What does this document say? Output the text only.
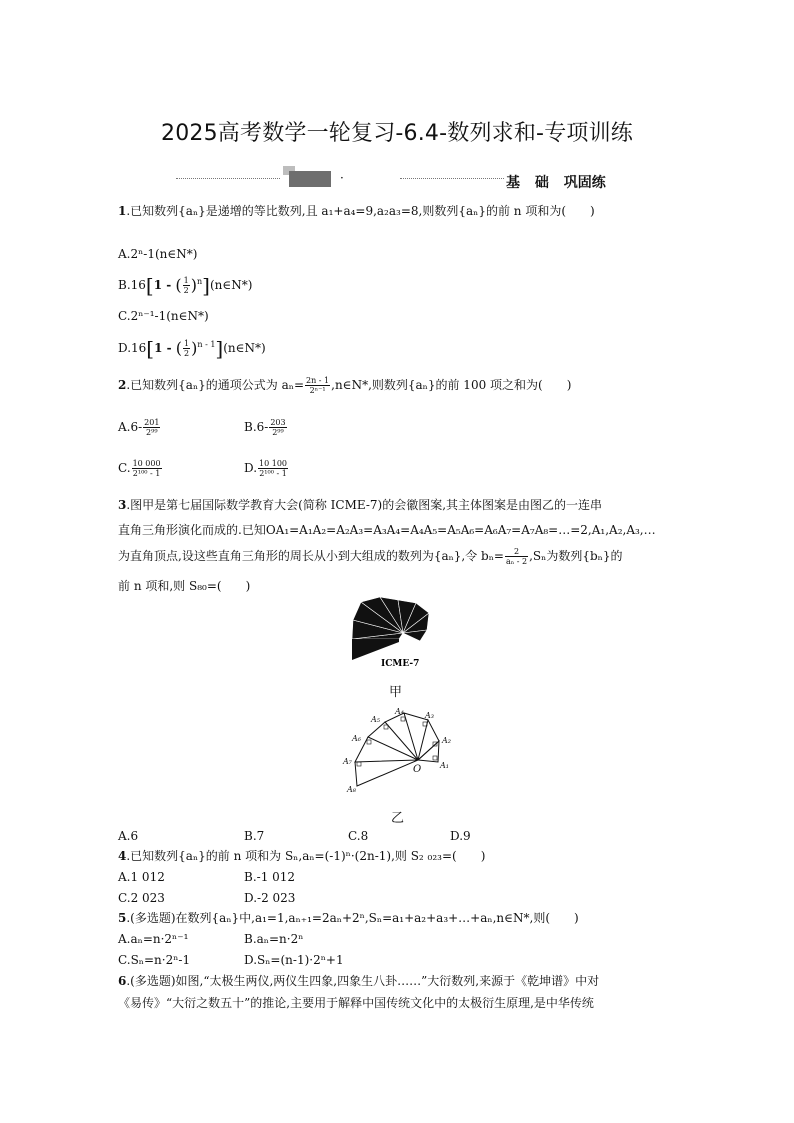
2025高考数学一轮复习-6.4-数列求和-专项训练
·	基 础 巩固练
1.已知数列{aₙ}是递增的等比数列,且 a₁+a₄=9,a₂a₃=8,则数列{aₙ}的前 n 项和为(　　)
A.2ⁿ-1(n∈N*)
B.16[1 - ( $\frac{1}{2}$ )$^n$](n∈N*)
C.2ⁿ⁻¹-1(n∈N*)
D.16[1 - ( $\frac{1}{2}$ )$^{n - 1}$](n∈N*)
2.已知数列{aₙ}的通项公式为 $a_n= \frac{2n - 1}{\text{2ⁿ⁻¹}}$ ,n∈N*,则数列{aₙ}的前 100 项之和为(　　)
$A.6- \frac{201}{\text{2⁹⁹}}$	$B.6- \frac{203}{\text{2⁹⁹}}$
C. $\frac{10 000}{\text{2¹⁰⁰ - 1}}$	D. $\frac{10 100}{\text{2¹⁰⁰ - 1}}$
3.图甲是第七届国际数学教育大会(简称 ICME-7)的会徽图案,其主体图案是由图乙的一连串
直角三角形演化而成的.已知OA₁=A₁A₂=A₂A₃=A₃A₄=A₄A₅=A₅A₆=A₆A₇=A₇A₈=…=2,A₁,A₂,A₃,…
为直角顶点,设这些直角三角形的周长从小到大组成的数列为{aₙ},令 $b_n= \frac{2}{\text{aₙ - 2}} ,S_n$为数列{bₙ}的
前 n 项和,则 S₈₀=(　　)
ICME-7
甲
A₁
A₂
A₃
A₄
A₅
A₆
A₇
A₈
O
乙
A.6	B.7	C.8	D.9
4.已知数列{aₙ}的前 n 项和为 Sₙ,aₙ=(-1)ⁿ·(2n-1),则 S₂ ₀₂₃=(　　)
A.1 012	B.-1 012
C.2 023	D.-2 023
5.(多选题)在数列{aₙ}中,a₁=1,aₙ₊₁=2aₙ+2ⁿ,Sₙ=a₁+a₂+a₃+…+aₙ,n∈N*,则(　　)
A.aₙ=n·2ⁿ⁻¹	B.aₙ=n·2ⁿ
C.Sₙ=n·2ⁿ-1	D.Sₙ=(n-1)·2ⁿ+1
6.(多选题)如图,“太极生两仪,两仪生四象,四象生八卦……”大衍数列,来源于《乾坤谱》中对
《易传》“大衍之数五十”的推论,主要用于解释中国传统文化中的太极衍生原理,是中华传统
